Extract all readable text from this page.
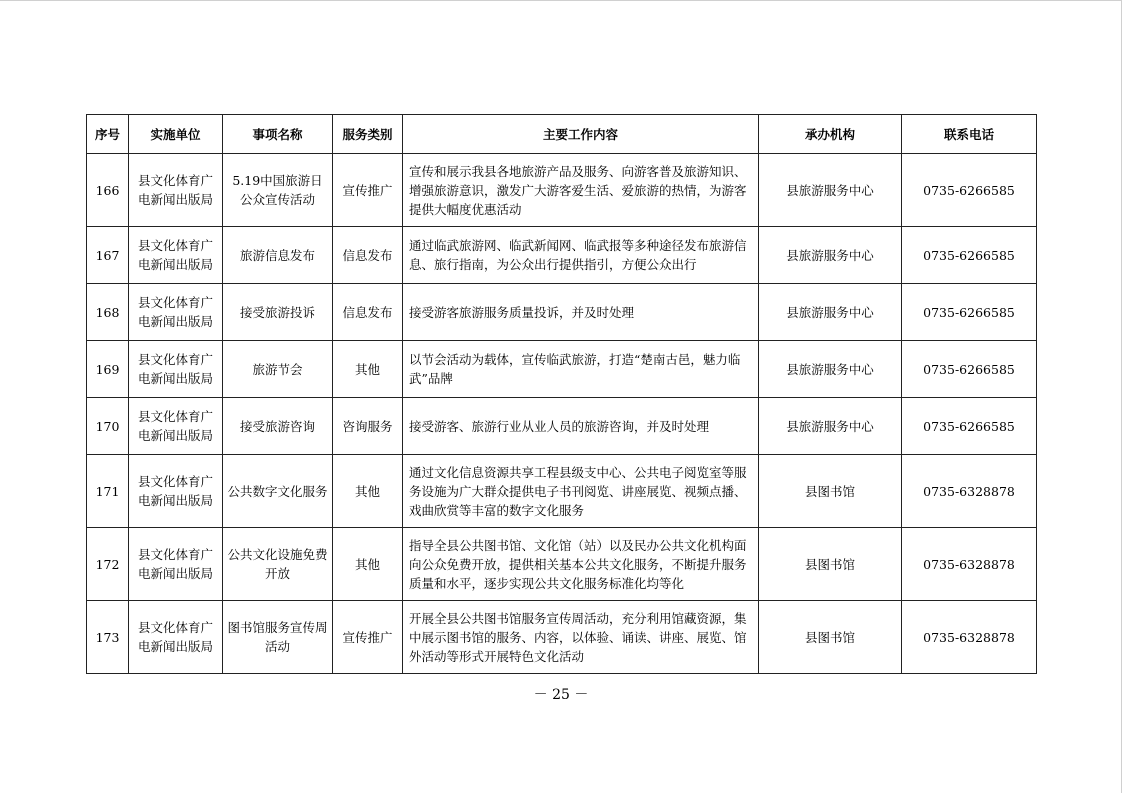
序号	实施单位	事项名称	服务类别	主要工作内容	承办机构	联系电话
166	县文化体育广电新闻出版局	5.19中国旅游日公众宣传活动	宣传推广	宣传和展示我县各地旅游产品及服务、向游客普及旅游知识、增强旅游意识，激发广大游客爱生活、爱旅游的热情，为游客提供大幅度优惠活动	县旅游服务中心	0735-6266585
167	县文化体育广电新闻出版局	旅游信息发布	信息发布	通过临武旅游网、临武新闻网、临武报等多种途径发布旅游信息、旅行指南，为公众出行提供指引，方便公众出行	县旅游服务中心	0735-6266585
168	县文化体育广电新闻出版局	接受旅游投诉	信息发布	接受游客旅游服务质量投诉，并及时处理	县旅游服务中心	0735-6266585
169	县文化体育广电新闻出版局	旅游节会	其他	以节会活动为载体，宣传临武旅游，打造“楚南古邑，魅力临武”品牌	县旅游服务中心	0735-6266585
170	县文化体育广电新闻出版局	接受旅游咨询	咨询服务	接受游客、旅游行业从业人员的旅游咨询，并及时处理	县旅游服务中心	0735-6266585
171	县文化体育广电新闻出版局	公共数字文化服务	其他	通过文化信息资源共享工程县级支中心、公共电子阅览室等服务设施为广大群众提供电子书刊阅览、讲座展览、视频点播、戏曲欣赏等丰富的数字文化服务	县图书馆	0735-6328878
172	县文化体育广电新闻出版局	公共文化设施免费开放	其他	指导全县公共图书馆、文化馆（站）以及民办公共文化机构面向公众免费开放，提供相关基本公共文化服务，不断提升服务质量和水平，逐步实现公共文化服务标准化均等化	县图书馆	0735-6328878
173	县文化体育广电新闻出版局	图书馆服务宣传周活动	宣传推广	开展全县公共图书馆服务宣传周活动，充分利用馆藏资源，集中展示图书馆的服务、内容，以体验、诵读、讲座、展览、馆外活动等形式开展特色文化活动	县图书馆	0735-6328878
－ 25 －
